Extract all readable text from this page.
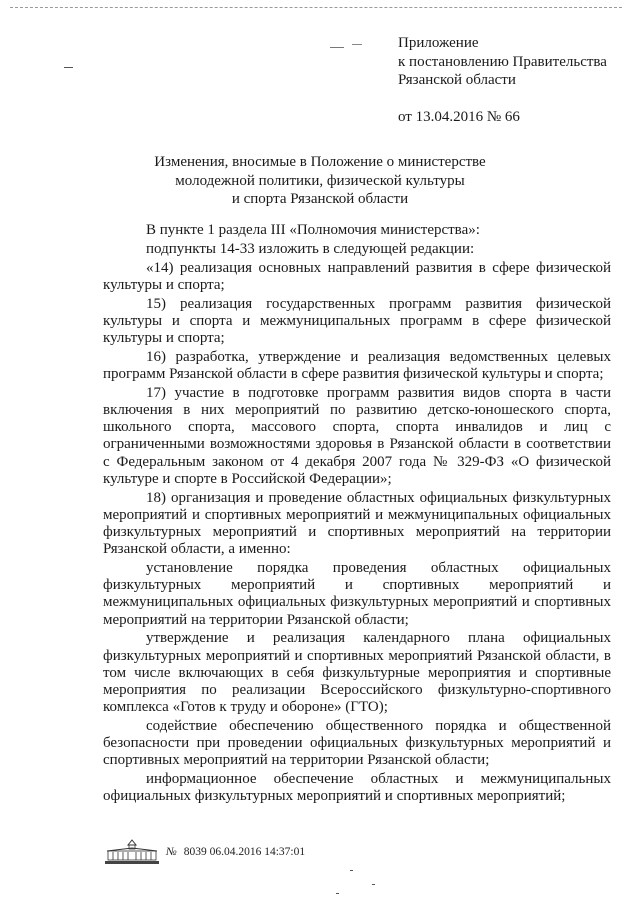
Приложение
к постановлению Правительства
Рязанской области
от 13.04.2016 № 66
Изменения, вносимые в Положение о министерстве
молодежной политики, физической культуры
и спорта Рязанской области

В пункте 1 раздела III «Полномочия министерства»:

подпункты 14-33 изложить в следующей редакции:

«14) реализация основных направлений развития в сфере физической культуры и спорта;

15) реализация государственных программ развития физической культуры и спорта и межмуниципальных программ в сфере физической культуры и спорта;

16) разработка, утверждение и реализация ведомственных целевых программ Рязанской области в сфере развития физической культуры и спорта;

17) участие в подготовке программ развития видов спорта в части включения в них мероприятий по развитию детско-юношеского спорта, школьного спорта, массового спорта, спорта инвалидов и лиц с ограниченными возможностями здоровья в Рязанской области в соответствии с Федеральным законом от 4 декабря 2007 года № 329-ФЗ «О физической культуре и спорте в Российской Федерации»;

18) организация и проведение областных официальных физкультурных мероприятий и спортивных мероприятий и межмуниципальных официальных физкультурных мероприятий и спортивных мероприятий на территории Рязанской области, а именно:

установление порядка проведения областных официальных физкультурных мероприятий и спортивных мероприятий и межмуниципальных официальных физкультурных мероприятий и спортивных мероприятий на территории Рязанской области;

утверждение и реализация календарного плана официальных физкультурных мероприятий и спортивных мероприятий Рязанской области, в том числе включающих в себя физкультурные мероприятия и спортивные мероприятия по реализации Всероссийского физкультурно-спортивного комплекса «Готов к труду и обороне» (ГТО);

содействие обеспечению общественного порядка и общественной безопасности при проведении официальных физкультурных мероприятий и спортивных мероприятий на территории Рязанской области;

информационное обеспечение областных и межмуниципальных официальных физкультурных мероприятий и спортивных мероприятий;

№ 8039 06.04.2016 14:37:01
